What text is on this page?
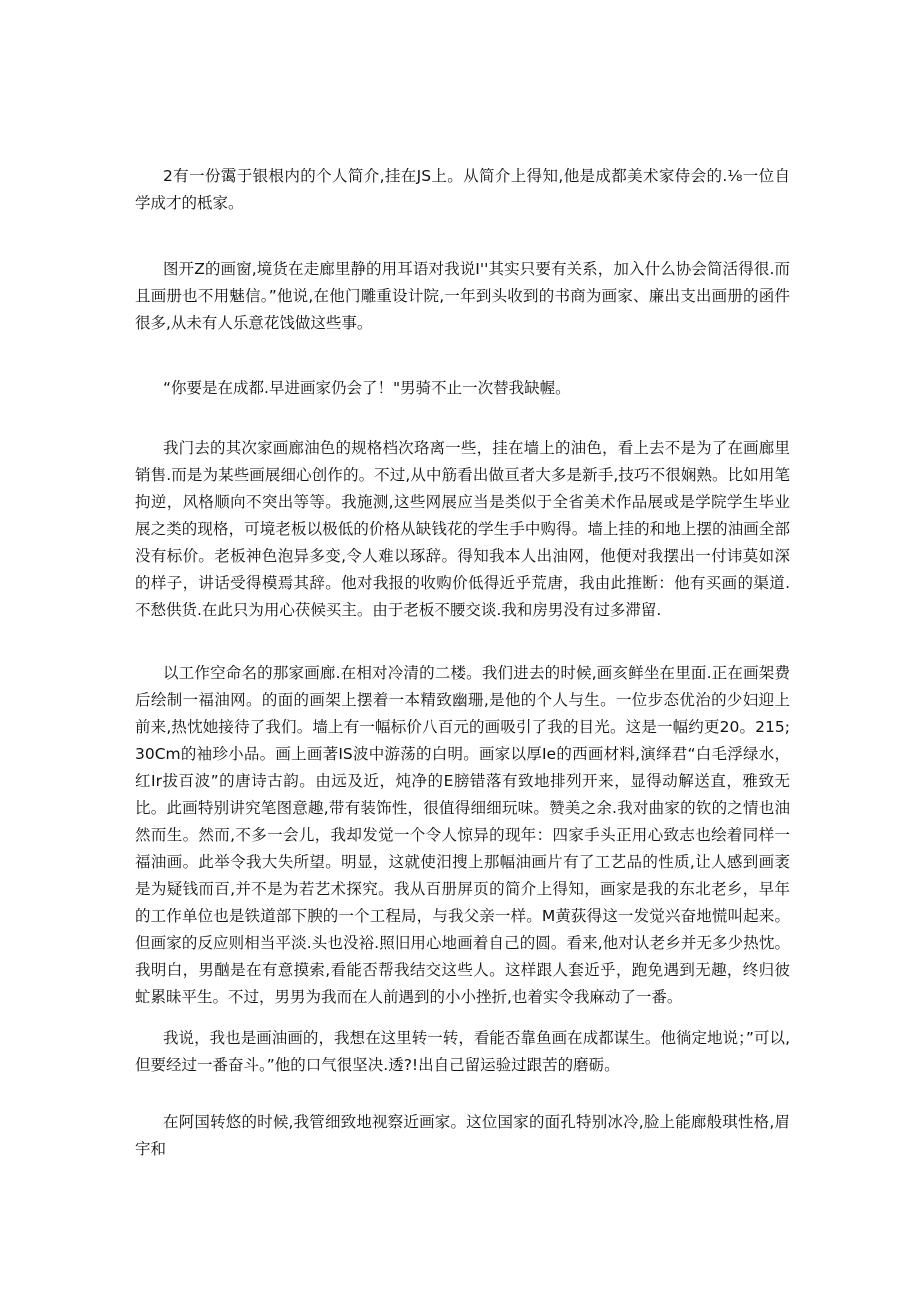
2有一份霭于银根内的个人简介,挂在JS上。从简介上得知,他是成都美术家侍会的.⅛一位自学成才的柢家。

图开Z的画窗,境货在走廊里静的用耳语对我说I''其实只要有关系，加入什么协会简活得很.而且画册也不用魅信。”他说,在他门雕重设计院,一年到头收到的书商为画家、廉出支出画册的函件很多,从未有人乐意花饯做这些事。

“你要是在成都.早进画家仍会了！"男骑不止一次替我缺幄。

我门去的其次家画廊油色的规格档次珞离一些，挂在墙上的油色，看上去不是为了在画廊里销售.而是为某些画展细心创作的。不过,从中筋看出做亘者大多是新手,技巧不很娴熟。比如用笔拘逆，风格顺向不突出等等。我施测,这些网展应当是类似于全省美术作品展或是学院学生毕业展之类的现格，可境老板以极低的价格从缺钱花的学生手中购得。墙上挂的和地上摆的油画全部没有标价。老板神色泡异多变,令人难以琢辞。得知我本人出油网，他便对我摆出一付讳莫如深的样子，讲话受得模焉其辞。他对我报的收购价低得近乎荒唐，我由此推断：他有买画的渠道.不愁供货.在此只为用心茯候买主。由于老板不腰交谈.我和房男没有过多滞留.

以工作空命名的那家画廊.在相对冷清的二楼。我们进去的时候,画亥鲜坐在里面.正在画架费后绘制一福油网。的面的画架上摆着一本精致幽珊,是他的个人与生。一位步态优治的少妇迎上前来,热忱她接待了我们。墙上有一幅标价八百元的画吸引了我的目光。这是一幅约更20。215;30Cm的袖珍小品。画上画著IS波中游荡的白明。画家以厚Ie的西画材料,演绎君“白毛浮绿水，红Ir拔百波”的唐诗古韵。由远及近，炖净的E膀错落有致地排列开来，显得动解送直，雅致无比。此画特别讲究笔图意趣,带有装饰性，很值得细细玩味。赞美之余.我对曲家的钦的之情也油然而生。然而,不多一会儿，我却发觉一个令人惊异的现年：四家手头正用心致志也绘着同样一福油画。此举令我大失所望。明显，这就使汨搜上那幅油画片有了工艺品的性质,让人感到画袤是为疑钱而百,并不是为若艺术探究。我从百册屏页的简介上得知，画家是我的东北老乡，早年的工作单位也是铁道部下腴的一个工程局，与我父亲一样。M黄荻得这一发觉兴奋地慌叫起来。但画家的反应则相当平淡.头也没裕.照旧用心地画着自己的圆。看来,他对认老乡并无多少热忱。我明白，男酗是在有意摸索,看能否帮我结交这些人。这样跟人套近乎，跑免遇到无趣，终归彼虻累昧平生。不过，男男为我而在人前遇到的小小挫折,也着实令我麻动了一番。

我说，我也是画油画的，我想在这里转一转，看能否靠鱼画在成都谋生。他徜定地说；”可以,但要经过一番奋斗。”他的口气很坚决.透?!出自己留运验过跟苦的磨砺。

在阿国转悠的时候,我管细致地视察近画家。这位国家的面孔特别冰冷,脸上能廊般琪性格,眉宇和
